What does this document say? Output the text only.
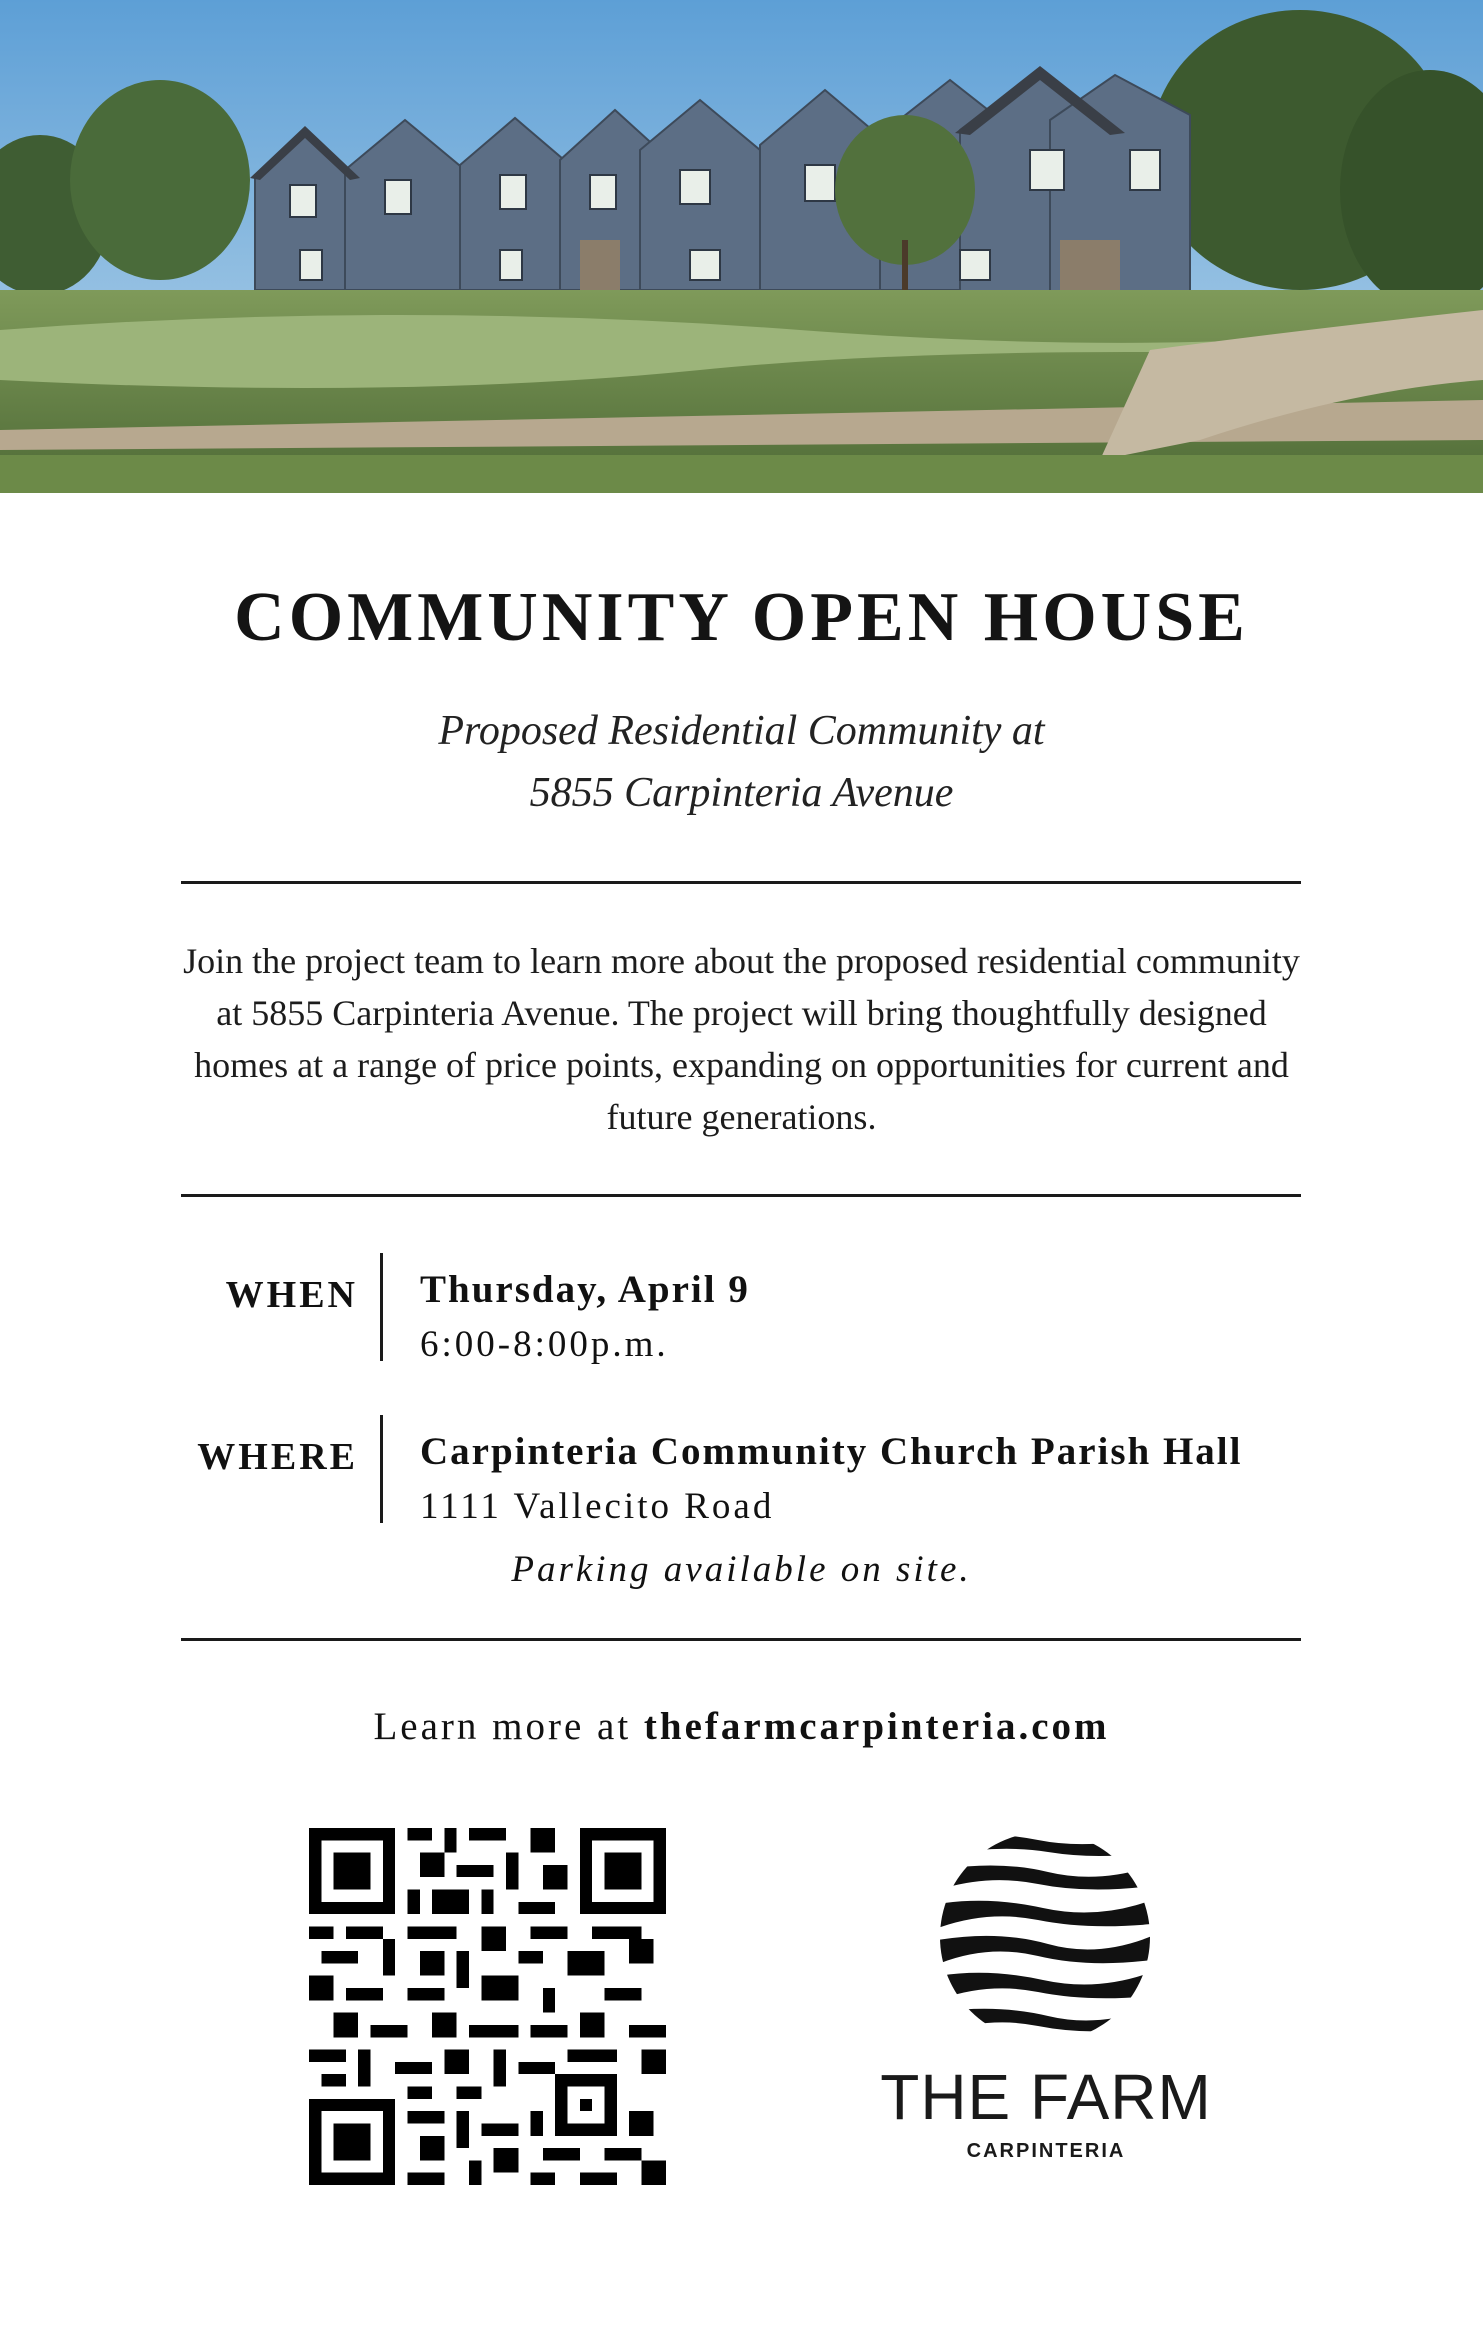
COMMUNITY OPEN HOUSE
Proposed Residential Community at
5855 Carpinteria Avenue
Join the project team to learn more about the proposed residential community at 5855 Carpinteria Avenue. The project will bring thoughtfully designed homes at a range of price points, expanding on opportunities for current and future generations.
WHEN Thursday, April 9
6:00-8:00p.m.
WHERE Carpinteria Community Church Parish Hall
1111 Vallecito Road
Parking available on site.
Learn more at thefarmcarpinteria.com
THE FARM
CARPINTERIA
